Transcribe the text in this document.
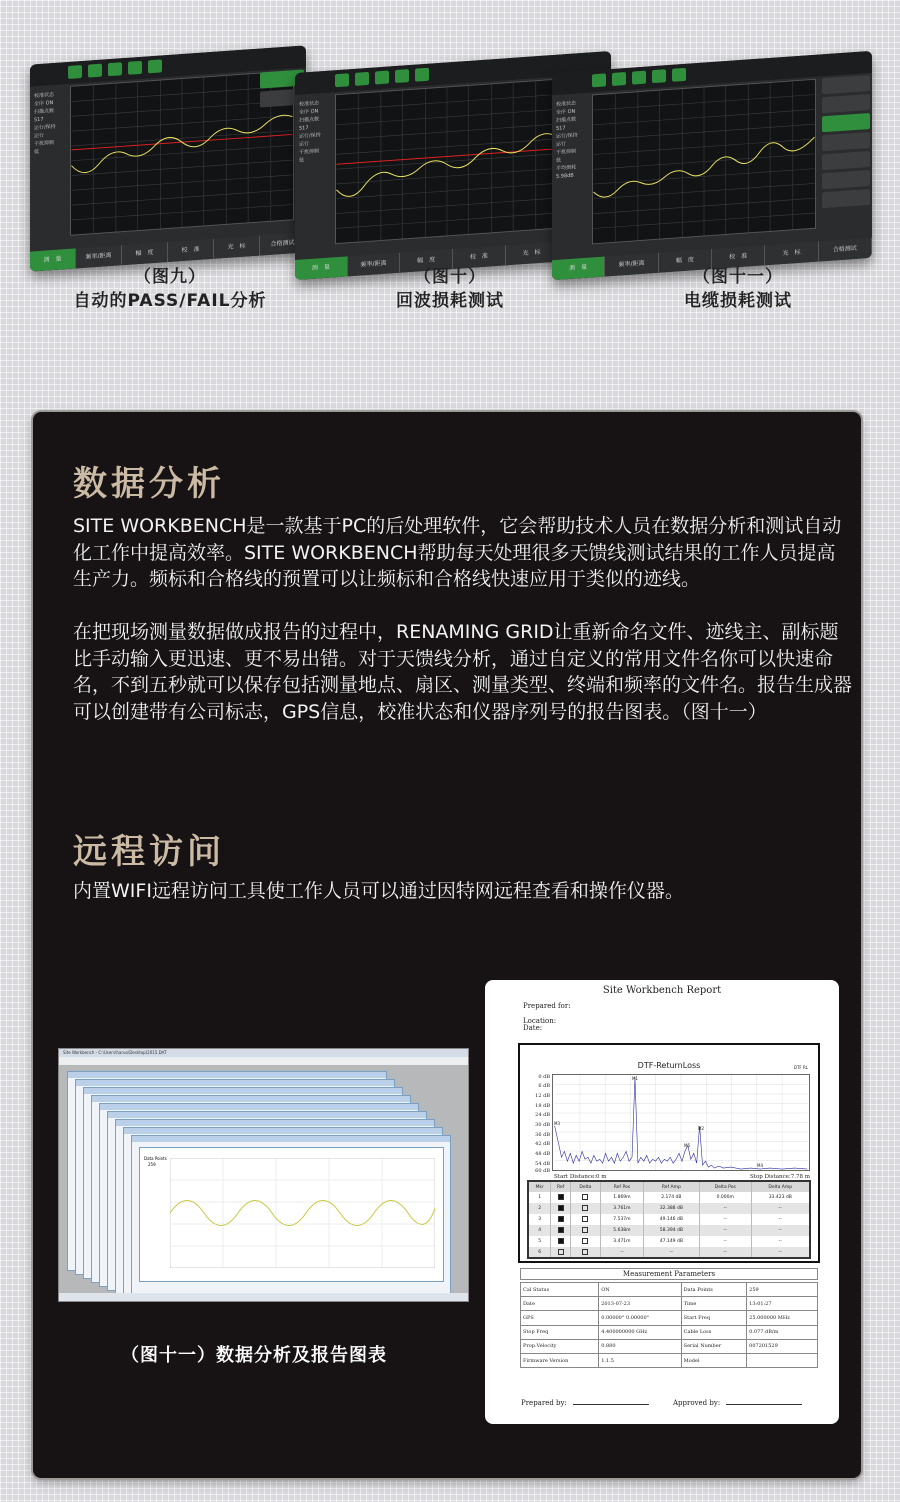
FAIL
校准状态
全序 ON
扫描点数
517
运行/保持
运行
干扰抑制
低
测　量	频率/距离	幅　度	校　准	光　标	合格测试
FAIL
校准状态
全序 ON
扫描点数
517
运行/保持
运行
干扰抑制
低
测　量	频率/距离	幅　度	校　准	光　标
校准状态
全序 ON
扫描点数
517
运行/保持
运行
干扰抑制
低
平均损耗
5.98dB
测　量	频率/距离	幅　度	校　准	光　标	合格测试
（图九）
自动的PASS/FAIL分析
（图十）
回波损耗测试
（图十一）
电缆损耗测试
数据分析
SITE WORKBENCH是一款基于PC的后处理软件，它会帮助技术人员在数据分析和测试自动化工作中提高效率。SITE WORKBENCH帮助每天处理很多天馈线测试结果的工作人员提高生产力。频标和合格线的预置可以让频标和合格线快速应用于类似的迹线。
在把现场测量数据做成报告的过程中，RENAMING GRID让重新命名文件、迹线主、副标题比手动输入更迅速、更不易出错。对于天馈线分析，通过自定义的常用文件名你可以快速命名，不到五秒就可以保存包括测量地点、扇区、测量类型、终端和频率的文件名。报告生成器可以创建带有公司标志，GPS信息，校准状态和仪器序列号的报告图表。（图十一）
远程访问
内置WIFI远程访问工具使工作人员可以通过因特网远程查看和操作仪器。
Site Workbench - C:\Users\haruo\Desktop\2015.DAT
Data Points
259
（图十一）数据分析及报告图表
Site Workbench Report
Prepared for:
Location:
Date:
DTF-ReturnLoss	DTF RL
0 dB
6 dB
12 dB
18 dB
24 dB
30 dB
36 dB
42 dB
48 dB
54 dB
60 dB
M1
M2
M3
M4
M5
Start Distance:0 m	Stop Distance:7.78 m
Mkr	Ref	Delta	Ref Pos	Ref Amp	Delta Pos	Delta Amp
1			1.869m	2.174 dB	0.000m	33.423 dB
2			3.761m	32.388 dB	--	--
3			7.537m	49.146 dB	--	--
4			5.638m	58.394 dB	--	--
5			3.471m	47.149 dB	--	--
6			--	--	--	--
Measurement Parameters
Cal Status	ON	Data Points	259
Date	2013-07-23	Time	13:01:27
GPS	0.00000° 0.00000°	Start Freq	25.000000 MHz
Stop Freq	4.400000000 GHz	Cable Loss	0.077 dB/m
Prop.Velocity	0.880	Serial Number	007201529
Firmware Version	1.1.5	Model	
Prepared by:	Approved by:
